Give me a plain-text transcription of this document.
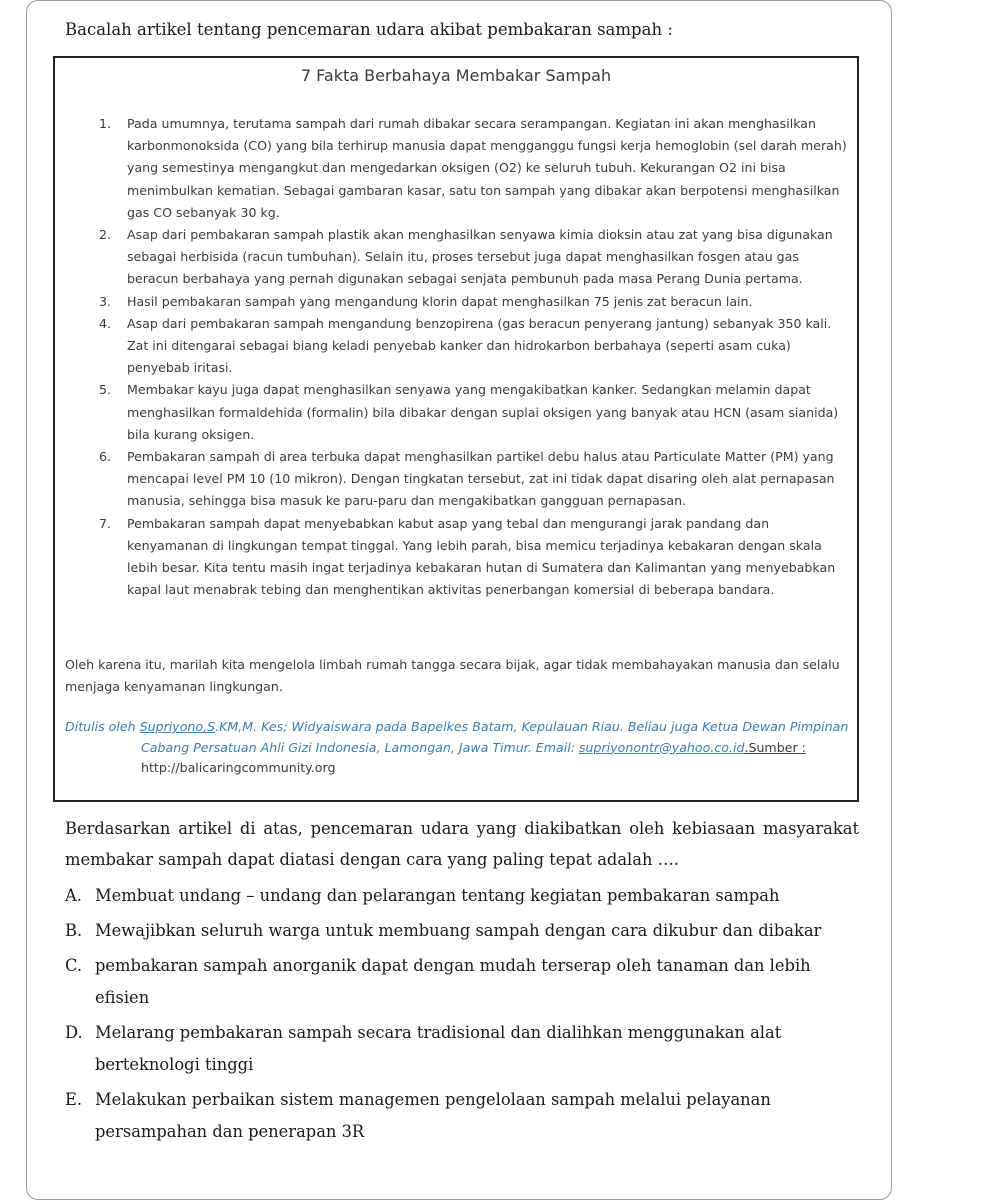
Bacalah artikel tentang pencemaran udara akibat pembakaran sampah :
7 Fakta Berbahaya Membakar Sampah
1. Pada umumnya, terutama sampah dari rumah dibakar secara serampangan. Kegiatan ini akan menghasilkan karbonmonoksida (CO) yang bila terhirup manusia dapat mengganggu fungsi kerja hemoglobin (sel darah merah) yang semestinya mengangkut dan mengedarkan oksigen (O2) ke seluruh tubuh. Kekurangan O2 ini bisa menimbulkan kematian. Sebagai gambaran kasar, satu ton sampah yang dibakar akan berpotensi menghasilkan gas CO sebanyak 30 kg.
2. Asap dari pembakaran sampah plastik akan menghasilkan senyawa kimia dioksin atau zat yang bisa digunakan sebagai herbisida (racun tumbuhan). Selain itu, proses tersebut juga dapat menghasilkan fosgen atau gas beracun berbahaya yang pernah digunakan sebagai senjata pembunuh pada masa Perang Dunia pertama.
3. Hasil pembakaran sampah yang mengandung klorin dapat menghasilkan 75 jenis zat beracun lain.
4. Asap dari pembakaran sampah mengandung benzopirena (gas beracun penyerang jantung) sebanyak 350 kali. Zat ini ditengarai sebagai biang keladi penyebab kanker dan hidrokarbon berbahaya (seperti asam cuka) penyebab iritasi.
5. Membakar kayu juga dapat menghasilkan senyawa yang mengakibatkan kanker. Sedangkan melamin dapat menghasilkan formaldehida (formalin) bila dibakar dengan suplai oksigen yang banyak atau HCN (asam sianida) bila kurang oksigen.
6. Pembakaran sampah di area terbuka dapat menghasilkan partikel debu halus atau Particulate Matter (PM) yang mencapai level PM 10 (10 mikron). Dengan tingkatan tersebut, zat ini tidak dapat disaring oleh alat pernapasan manusia, sehingga bisa masuk ke paru-paru dan mengakibatkan gangguan pernapasan.
7. Pembakaran sampah dapat menyebabkan kabut asap yang tebal dan mengurangi jarak pandang dan kenyamanan di lingkungan tempat tinggal. Yang lebih parah, bisa memicu terjadinya kebakaran dengan skala lebih besar. Kita tentu masih ingat terjadinya kebakaran hutan di Sumatera dan Kalimantan yang menyebabkan kapal laut menabrak tebing dan menghentikan aktivitas penerbangan komersial di beberapa bandara.
Oleh karena itu, marilah kita mengelola limbah rumah tangga secara bijak, agar tidak membahayakan manusia dan selalu menjaga kenyamanan lingkungan.
Ditulis oleh Supriyono,S.KM,M. Kes; Widyaiswara pada Bapelkes Batam, Kepulauan Riau. Beliau juga Ketua Dewan Pimpinan Cabang Persatuan Ahli Gizi Indonesia, Lamongan, Jawa Timur. Email: supriyonontr@yahoo.co.id.Sumber : http://balicaringcommunity.org
Berdasarkan artikel di atas, pencemaran udara yang diakibatkan oleh kebiasaan masyarakat membakar sampah dapat diatasi dengan cara yang paling tepat adalah ….
A. Membuat undang – undang dan pelarangan tentang kegiatan pembakaran sampah
B. Mewajibkan seluruh warga untuk membuang sampah dengan cara dikubur dan dibakar
C. pembakaran sampah anorganik dapat dengan mudah terserap oleh tanaman dan lebih efisien
D. Melarang pembakaran sampah secara tradisional dan dialihkan menggunakan alat berteknologi tinggi
E. Melakukan perbaikan sistem managemen pengelolaan sampah melalui pelayanan persampahan dan penerapan 3R
